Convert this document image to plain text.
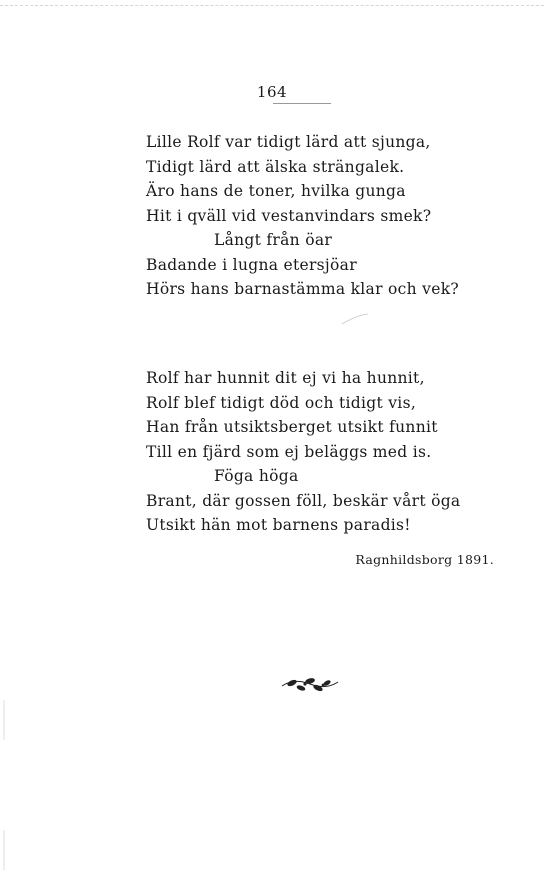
164
Lille Rolf var tidigt lärd att sjunga,
Tidigt lärd att älska strängalek.
Äro hans de toner, hvilka gunga
Hit i qväll vid vestanvindars smek?
Långt från öar
Badande i lugna etersjöar
Hörs hans barnastämma klar och vek?
Rolf har hunnit dit ej vi ha hunnit,
Rolf blef tidigt död och tidigt vis,
Han från utsiktsberget utsikt funnit
Till en fjärd som ej beläggs med is.
Föga höga
Brant, där gossen föll, beskär vårt öga
Utsikt hän mot barnens paradis!
Ragnhildsborg 1891.
